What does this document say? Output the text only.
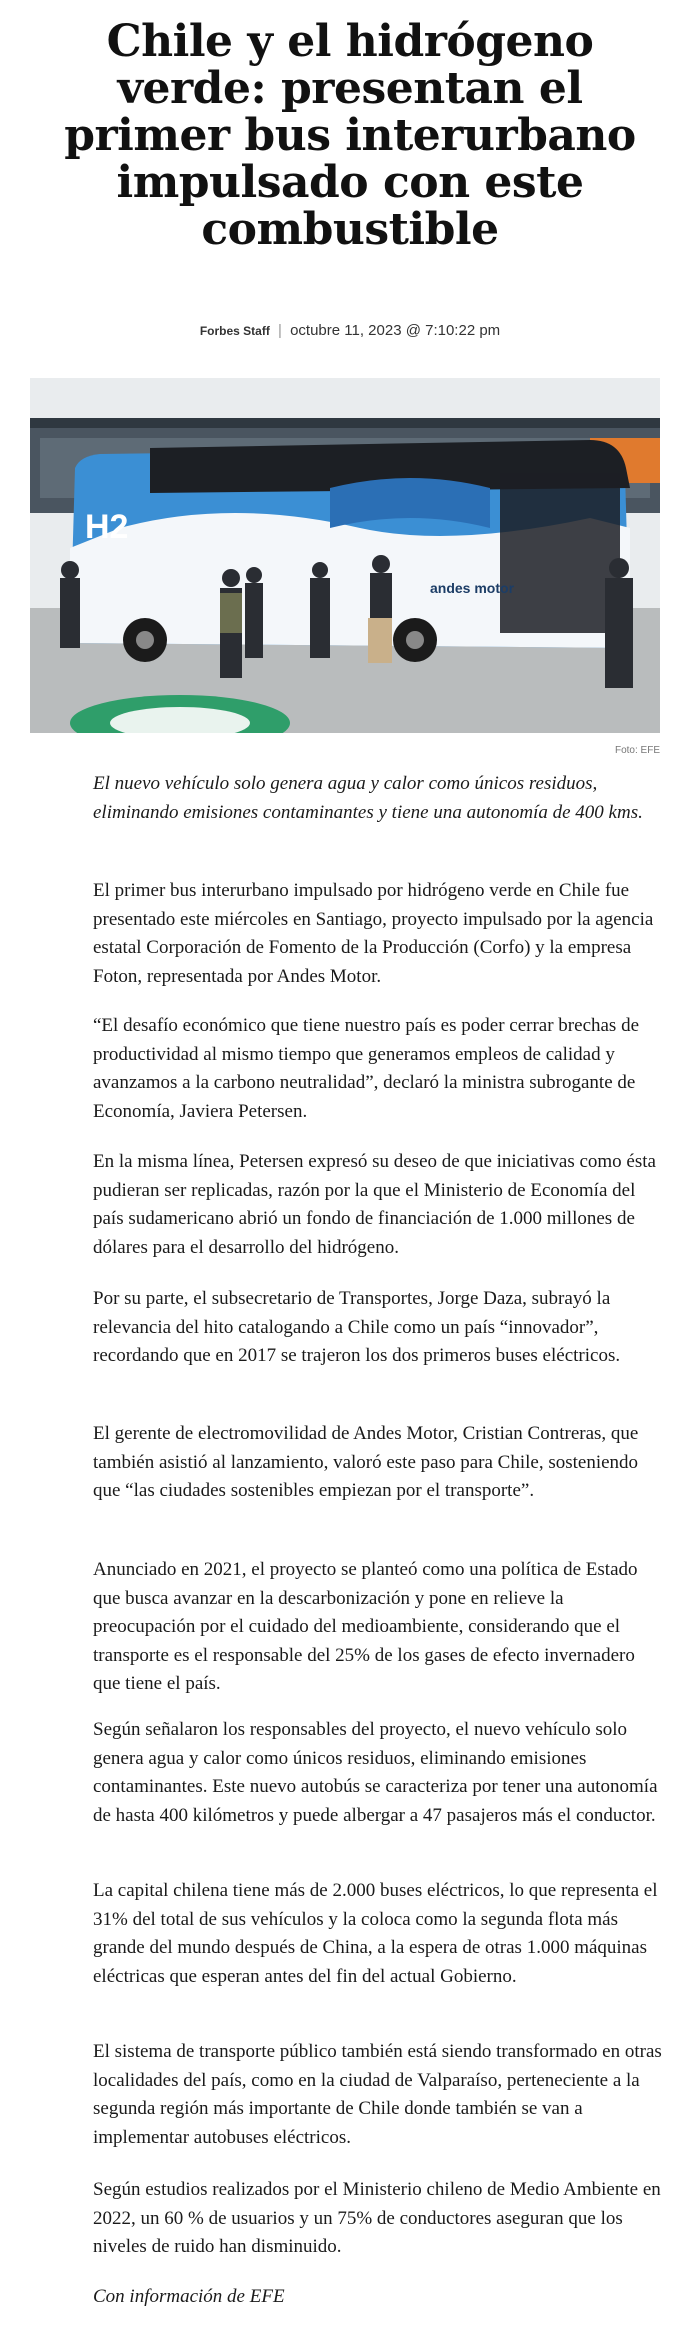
Chile y el hidrógeno verde: presentan el primer bus interurbano impulsado con este combustible
Forbes Staff | octubre 11, 2023 @ 7:10:22 pm
H2
andes motor
Foto: EFE

El nuevo vehículo solo genera agua y calor como únicos residuos, eliminando emisiones contaminantes y tiene una autonomía de 400 kms.

El primer bus interurbano impulsado por hidrógeno verde en Chile fue presentado este miércoles en Santiago, proyecto impulsado por la agencia estatal Corporación de Fomento de la Producción (Corfo) y la empresa Foton, representada por Andes Motor.

“El desafío económico que tiene nuestro país es poder cerrar brechas de productividad al mismo tiempo que generamos empleos de calidad y avanzamos a la carbono neutralidad”, declaró la ministra subrogante de Economía, Javiera Petersen.

En la misma línea, Petersen expresó su deseo de que iniciativas como ésta pudieran ser replicadas, razón por la que el Ministerio de Economía del país sudamericano abrió un fondo de financiación de 1.000 millones de dólares para el desarrollo del hidrógeno.

Por su parte, el subsecretario de Transportes, Jorge Daza, subrayó la relevancia del hito catalogando a Chile como un país “innovador”, recordando que en 2017 se trajeron los dos primeros buses eléctricos.

El gerente de electromovilidad de Andes Motor, Cristian Contreras, que también asistió al lanzamiento, valoró este paso para Chile, sosteniendo que “las ciudades sostenibles empiezan por el transporte”.

Anunciado en 2021, el proyecto se planteó como una política de Estado que busca avanzar en la descarbonización y pone en relieve la preocupación por el cuidado del medioambiente, considerando que el transporte es el responsable del 25% de los gases de efecto invernadero que tiene el país.

Según señalaron los responsables del proyecto, el nuevo vehículo solo genera agua y calor como únicos residuos, eliminando emisiones contaminantes. Este nuevo autobús se caracteriza por tener una autonomía de hasta 400 kilómetros y puede albergar a 47 pasajeros más el conductor.

La capital chilena tiene más de 2.000 buses eléctricos, lo que representa el 31% del total de sus vehículos y la coloca como la segunda flota más grande del mundo después de China, a la espera de otras 1.000 máquinas eléctricas que esperan antes del fin del actual Gobierno.

El sistema de transporte público también está siendo transformado en otras localidades del país, como en la ciudad de Valparaíso, perteneciente a la segunda región más importante de Chile donde también se van a implementar autobuses eléctricos.

Según estudios realizados por el Ministerio chileno de Medio Ambiente en 2022, un 60 % de usuarios y un 75% de conductores aseguran que los niveles de ruido han disminuido.

Con información de EFE
